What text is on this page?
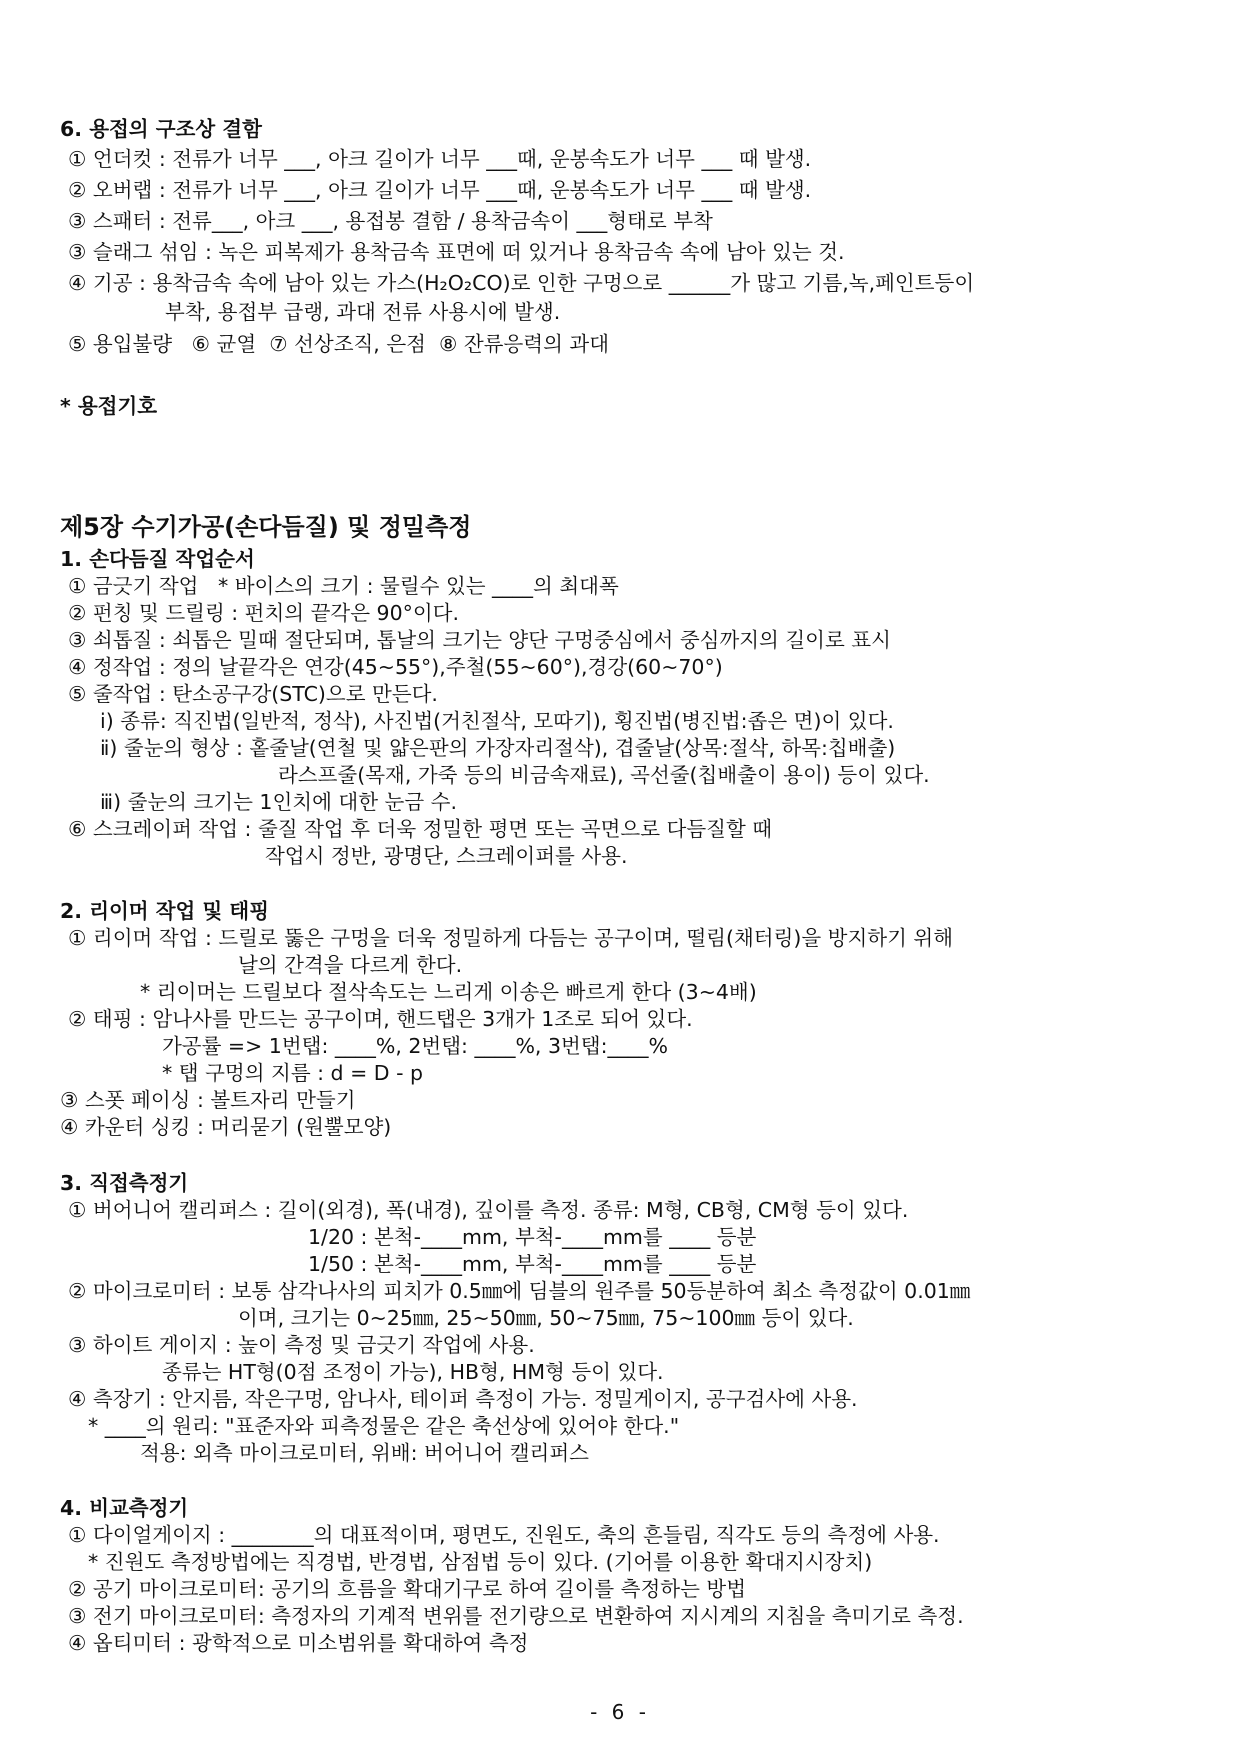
6. 용접의 구조상 결함
① 언더컷 : 전류가 너무 ___, 아크 길이가 너무 ___때, 운봉속도가 너무 ___ 때 발생.
② 오버랩 : 전류가 너무 ___, 아크 길이가 너무 ___때, 운봉속도가 너무 ___ 때 발생.
③ 스패터 : 전류___, 아크 ___, 용접봉 결함 / 용착금속이 ___형태로 부착
③ 슬래그 섞임 : 녹은 피복제가 용착금속 표면에 떠 있거나 용착금속 속에 남아 있는 것.
④ 기공 : 용착금속 속에 남아 있는 가스(H₂O₂CO)로 인한 구멍으로 ______가 많고 기름,녹,페인트등이
부착, 용접부 급랭, 과대 전류 사용시에 발생.
⑤ 용입불량   ⑥ 균열  ⑦ 선상조직, 은점  ⑧ 잔류응력의 과대
* 용접기호
제5장 수기가공(손다듬질) 및 정밀측정
1. 손다듬질 작업순서
① 금긋기 작업   * 바이스의 크기 : 물릴수 있는 ____의 최대폭
② 펀칭 및 드릴링 : 펀치의 끝각은 90°이다.
③ 쇠톱질 : 쇠톱은 밀때 절단되며, 톱날의 크기는 양단 구멍중심에서 중심까지의 길이로 표시
④ 정작업 : 정의 날끝각은 연강(45~55°),주철(55~60°),경강(60~70°)
⑤ 줄작업 : 탄소공구강(STC)으로 만든다.
ⅰ) 종류: 직진법(일반적, 정삭), 사진법(거친절삭, 모따기), 횡진법(병진법:좁은 면)이 있다.
ⅱ) 줄눈의 형상 : 홑줄날(연철 및 얇은판의 가장자리절삭), 겹줄날(상목:절삭, 하목:칩배출)
라스프줄(목재, 가죽 등의 비금속재료), 곡선줄(칩배출이 용이) 등이 있다.
ⅲ) 줄눈의 크기는 1인치에 대한 눈금 수.
⑥ 스크레이퍼 작업 : 줄질 작업 후 더욱 정밀한 평면 또는 곡면으로 다듬질할 때
작업시 정반, 광명단, 스크레이퍼를 사용.
2. 리이머 작업 및 태핑
① 리이머 작업 : 드릴로 뚫은 구멍을 더욱 정밀하게 다듬는 공구이며, 떨림(채터링)을 방지하기 위해
날의 간격을 다르게 한다.
* 리이머는 드릴보다 절삭속도는 느리게 이송은 빠르게 한다 (3~4배)
② 태핑 : 암나사를 만드는 공구이며, 핸드탭은 3개가 1조로 되어 있다.
가공률 => 1번탭: ____%, 2번탭: ____%, 3번탭:____%
* 탭 구멍의 지름 : d = D - p
③ 스폿 페이싱 : 볼트자리 만들기
④ 카운터 싱킹 : 머리묻기 (원뿔모양)
3. 직접측정기
① 버어니어 캘리퍼스 : 길이(외경), 폭(내경), 깊이를 측정. 종류: M형, CB형, CM형 등이 있다.
1/20 : 본척-____mm, 부척-____mm를 ____ 등분
1/50 : 본척-____mm, 부척-____mm를 ____ 등분
② 마이크로미터 : 보통 삼각나사의 피치가 0.5㎜에 딤블의 원주를 50등분하여 최소 측정값이 0.01㎜
이며, 크기는 0~25㎜, 25~50㎜, 50~75㎜, 75~100㎜ 등이 있다.
③ 하이트 게이지 : 높이 측정 및 금긋기 작업에 사용.
종류는 HT형(0점 조정이 가능), HB형, HM형 등이 있다.
④ 측장기 : 안지름, 작은구멍, 암나사, 테이퍼 측정이 가능. 정밀게이지, 공구검사에 사용.
* ____의 원리: "표준자와 피측정물은 같은 축선상에 있어야 한다."
적용: 외측 마이크로미터, 위배: 버어니어 캘리퍼스
4. 비교측정기
① 다이얼게이지 : ________의 대표적이며, 평면도, 진원도, 축의 흔들림, 직각도 등의 측정에 사용.
* 진원도 측정방법에는 직경법, 반경법, 삼점법 등이 있다. (기어를 이용한 확대지시장치)
② 공기 마이크로미터: 공기의 흐름을 확대기구로 하여 길이를 측정하는 방법
③ 전기 마이크로미터: 측정자의 기계적 변위를 전기량으로 변환하여 지시계의 지침을 측미기로 측정.
④ 옵티미터 : 광학적으로 미소범위를 확대하여 측정
- 6 -
